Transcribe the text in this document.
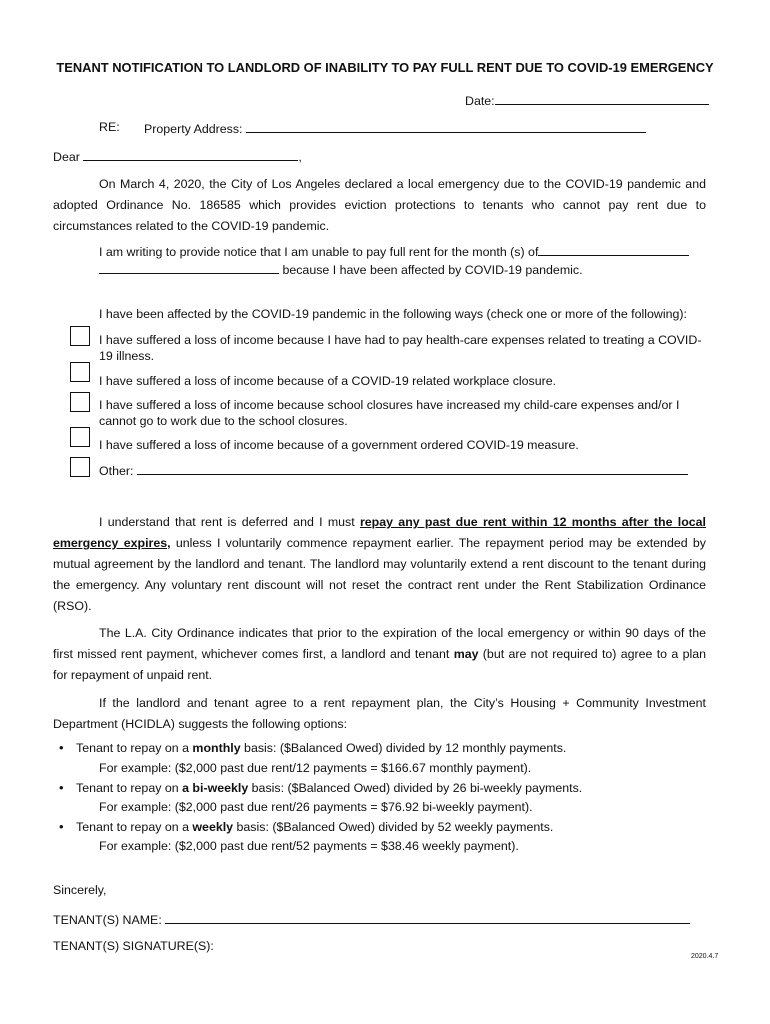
TENANT NOTIFICATION TO LANDLORD OF INABILITY TO PAY FULL RENT DUE TO COVID-19 EMERGENCY
Date:
RE: Property Address:
Dear	,
On March 4, 2020, the City of Los Angeles declared a local emergency due to the COVID-19 pandemic and adopted Ordinance No. 186585 which provides eviction protections to tenants who cannot pay rent due to circumstances related to the COVID-19 pandemic.
I am writing to provide notice that I am unable to pay full rent for the month (s) of
because I have been affected by COVID-19 pandemic.
I have been affected by the COVID-19 pandemic in the following ways (check one or more of the following):
I have suffered a loss of income because I have had to pay health-care expenses related to treating a COVID-19 illness.
I have suffered a loss of income because of a COVID-19 related workplace closure.
I have suffered a loss of income because school closures have increased my child-care expenses and/or I cannot go to work due to the school closures.
I have suffered a loss of income because of a government ordered COVID-19 measure.
Other:
I understand that rent is deferred and I must repay any past due rent within 12 months after the local emergency expires, unless I voluntarily commence repayment earlier. The repayment period may be extended by mutual agreement by the landlord and tenant. The landlord may voluntarily extend a rent discount to the tenant during the emergency. Any voluntary rent discount will not reset the contract rent under the Rent Stabilization Ordinance (RSO).
The L.A. City Ordinance indicates that prior to the expiration of the local emergency or within 90 days of the first missed rent payment, whichever comes first, a landlord and tenant may (but are not required to) agree to a plan for repayment of unpaid rent.
If the landlord and tenant agree to a rent repayment plan, the City’s Housing + Community Investment Department (HCIDLA) suggests the following options:
• Tenant to repay on a monthly basis: ($Balanced Owed) divided by 12 monthly payments.
For example: ($2,000 past due rent/12 payments = $166.67 monthly payment).
• Tenant to repay on a bi-weekly basis: ($Balanced Owed) divided by 26 bi-weekly payments.
For example: ($2,000 past due rent/26 payments = $76.92 bi-weekly payment).
• Tenant to repay on a weekly basis: ($Balanced Owed) divided by 52 weekly payments.
For example: ($2,000 past due rent/52 payments = $38.46 weekly payment).
Sincerely,
TENANT(S) NAME:
TENANT(S) SIGNATURE(S):
2020.4.7
